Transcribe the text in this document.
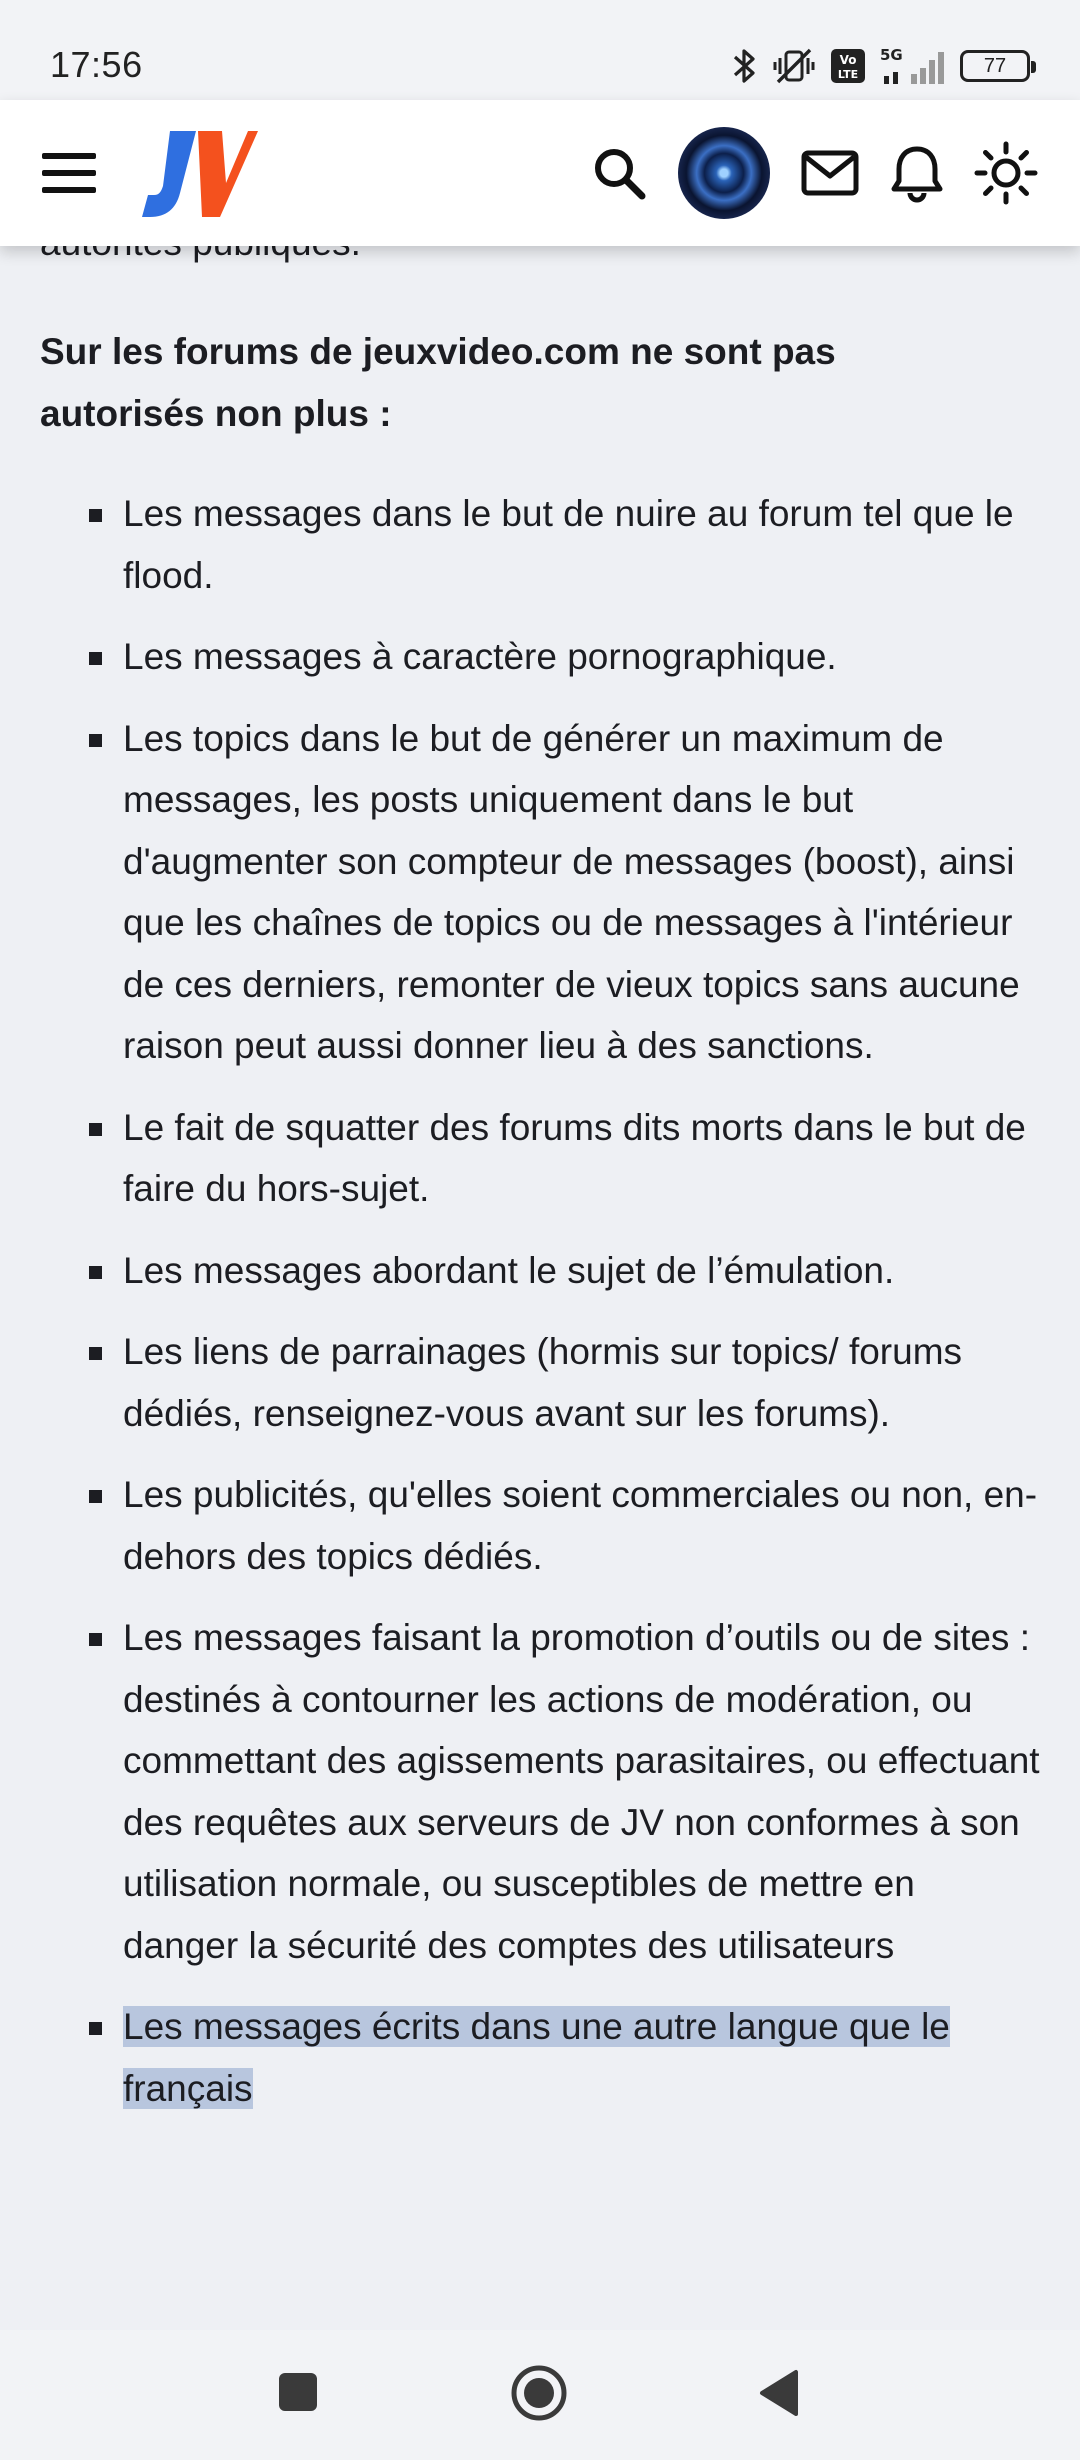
17:56	Vo
LTE
5G	77
Sur les forums de jeuxvideo.com ne sont pas autorisés non plus :
Les messages dans le but de nuire au forum tel que le flood.
Les messages à caractère pornographique.
Les topics dans le but de générer un maximum de messages, les posts uniquement dans le but d'augmenter son compteur de messages (boost), ainsi que les chaînes de topics ou de messages à l'intérieur de ces derniers, remonter de vieux topics sans aucune raison peut aussi donner lieu à des sanctions.
Le fait de squatter des forums dits morts dans le but de faire du hors-sujet.
Les messages abordant le sujet de l’émulation.
Les liens de parrainages (hormis sur topics/ forums dédiés, renseignez-vous avant sur les forums).
Les publicités, qu'elles soient commerciales ou non, en-dehors des topics dédiés.
Les messages faisant la promotion d’outils ou de sites : destinés à contourner les actions de modération, ou commettant des agissements parasitaires, ou effectuant des requêtes aux serveurs de JV non conformes à son utilisation normale, ou susceptibles de mettre en danger la sécurité des comptes des utilisateurs
Les messages écrits dans une autre langue que le français
